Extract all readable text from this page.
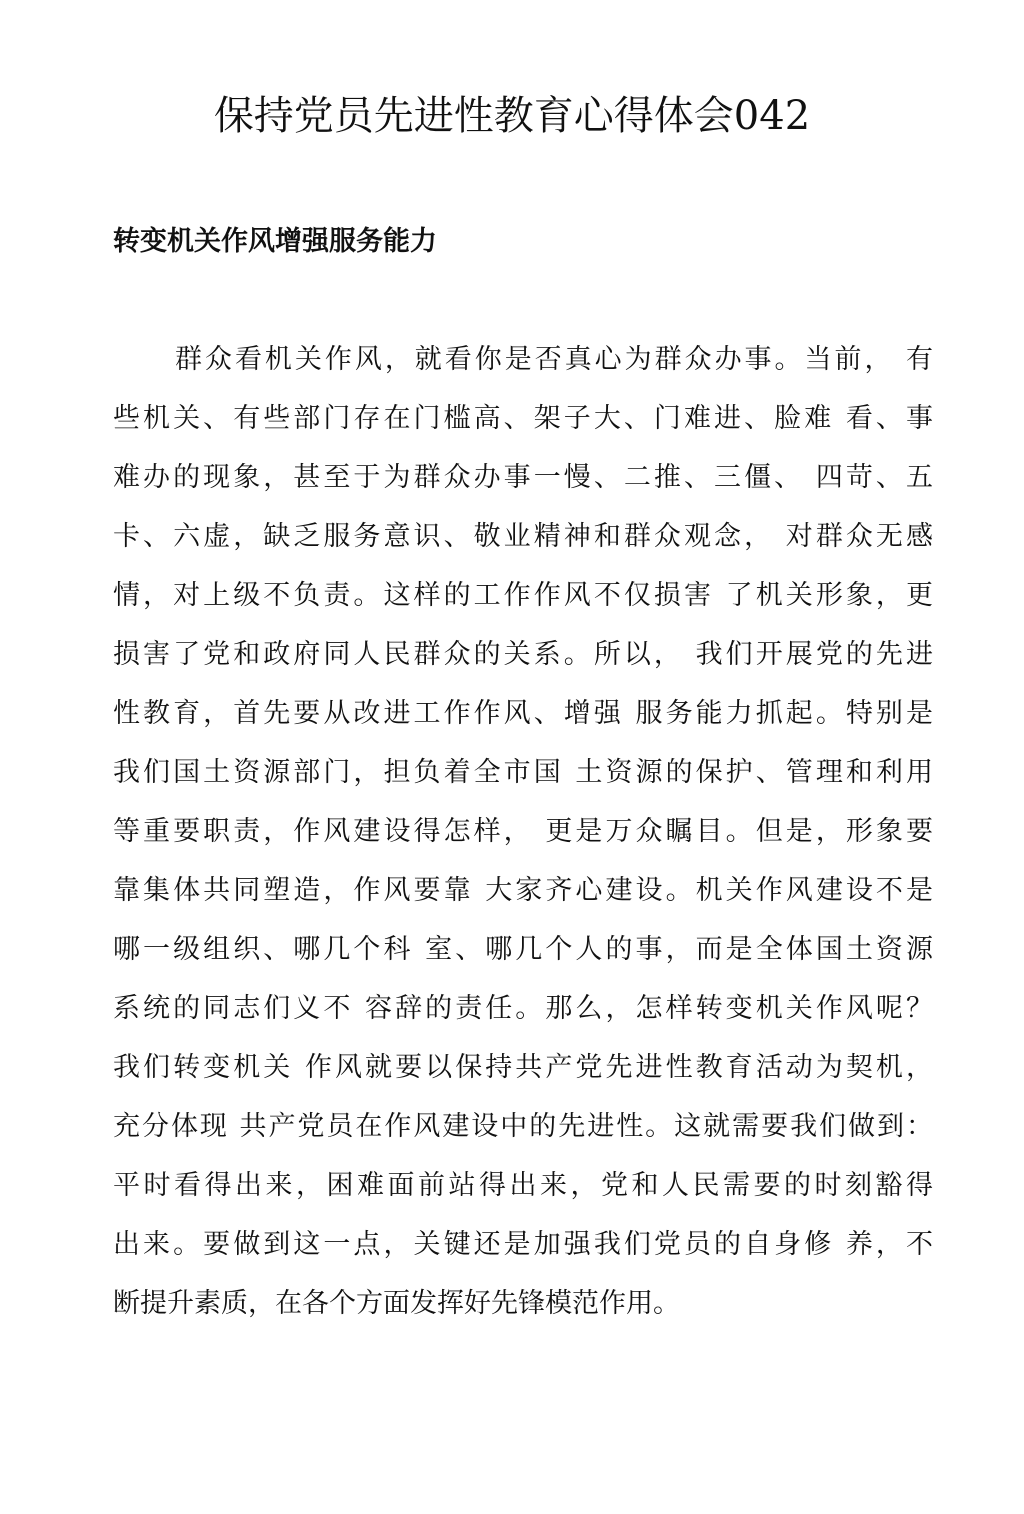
保持党员先进性教育心得体会042
转变机关作风增强服务能力
群众看机关作风，就看你是否真心为群众办事。当前， 有
些机关、有些部门存在门槛高、架子大、门难进、脸难 看、事
难办的现象，甚至于为群众办事一慢、二推、三僵、 四苛、五
卡、六虚，缺乏服务意识、敬业精神和群众观念， 对群众无感
情，对上级不负责。这样的工作作风不仅损害 了机关形象，更
损害了党和政府同人民群众的关系。所以， 我们开展党的先进
性教育，首先要从改进工作作风、增强 服务能力抓起。特别是
我们国土资源部门，担负着全市国 土资源的保护、管理和利用
等重要职责，作风建设得怎样， 更是万众瞩目。但是，形象要
靠集体共同塑造，作风要靠 大家齐心建设。机关作风建设不是
哪一级组织、哪几个科 室、哪几个人的事，而是全体国土资源
系统的同志们义不 容辞的责任。那么，怎样转变机关作风呢？
我们转变机关 作风就要以保持共产党先进性教育活动为契机，
充分体现 共产党员在作风建设中的先进性。这就需要我们做到：
平时看得出来，困难面前站得出来，党和人民需要的时刻豁得
出来。要做到这一点，关键还是加强我们党员的自身修 养，不
断提升素质，在各个方面发挥好先锋模范作用。
